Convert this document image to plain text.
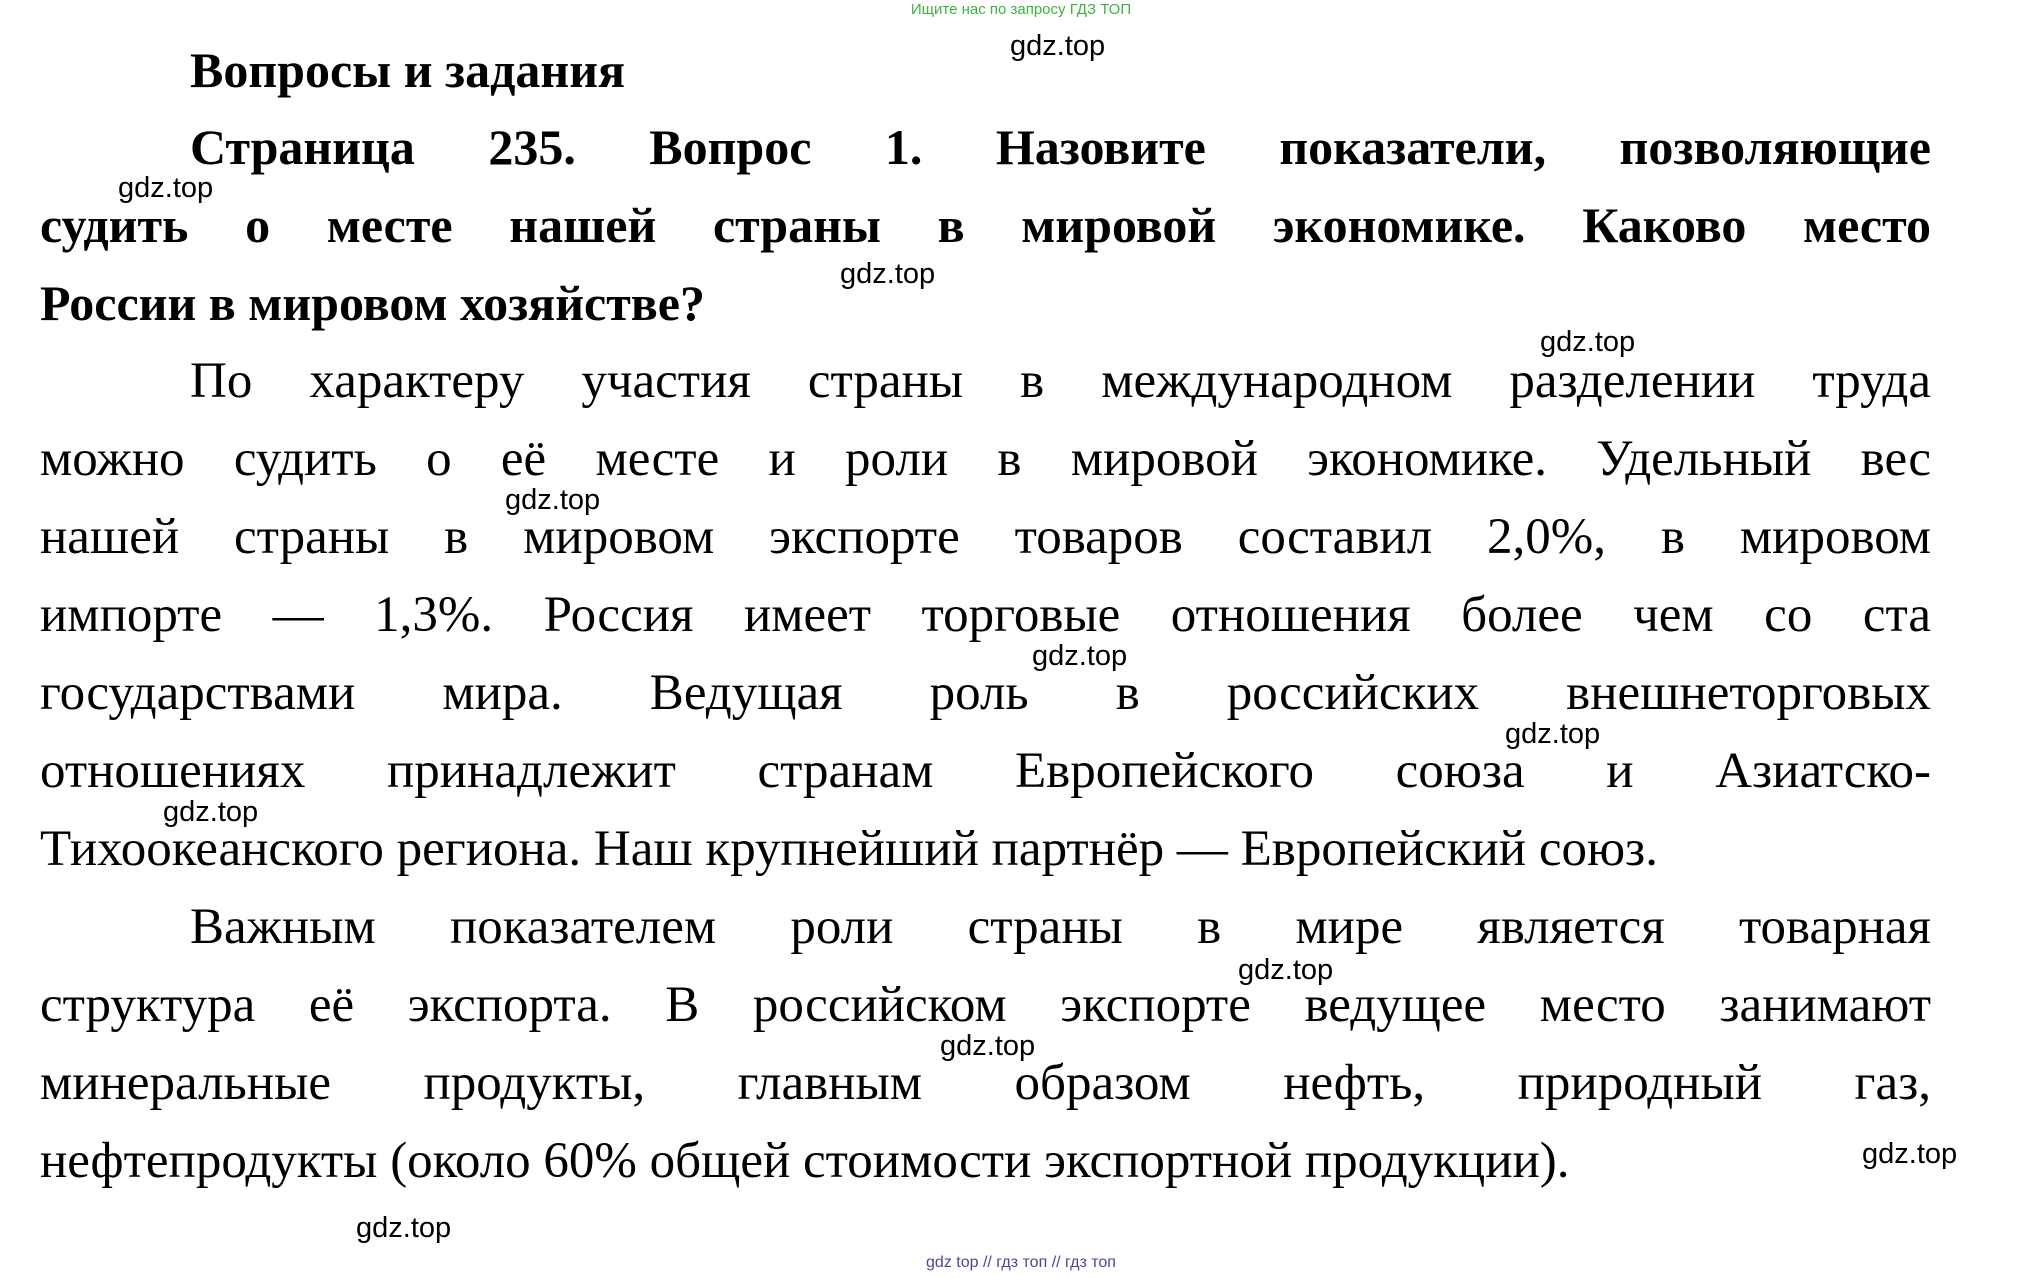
Ищите нас по запросу ГДЗ ТОП
Вопросы и задания
Страница 235. Вопрос 1. Назовите показатели, позволяющие
судить о месте нашей страны в мировой экономике. Каково место
России в мировом хозяйстве?
По характеру участия страны в международном разделении труда
можно судить о её месте и роли в мировой экономике. Удельный вес
нашей страны в мировом экспорте товаров составил 2,0%, в мировом
импорте — 1,3%. Россия имеет торговые отношения более чем со ста
государствами мира. Ведущая роль в российских внешнеторговых
отношениях принадлежит странам Европейского союза и Азиатско-
Тихоокеанского региона. Наш крупнейший партнёр — Европейский союз.
Важным показателем роли страны в мире является товарная
структура её экспорта. В российском экспорте ведущее место занимают
минеральные продукты, главным образом нефть, природный газ,
нефтепродукты (около 60% общей стоимости экспортной продукции).
gdz.top
gdz.top
gdz.top
gdz.top
gdz.top
gdz.top
gdz.top
gdz.top
gdz.top
gdz.top
gdz.top
gdz.top
gdz top // гдз топ // гдз топ
